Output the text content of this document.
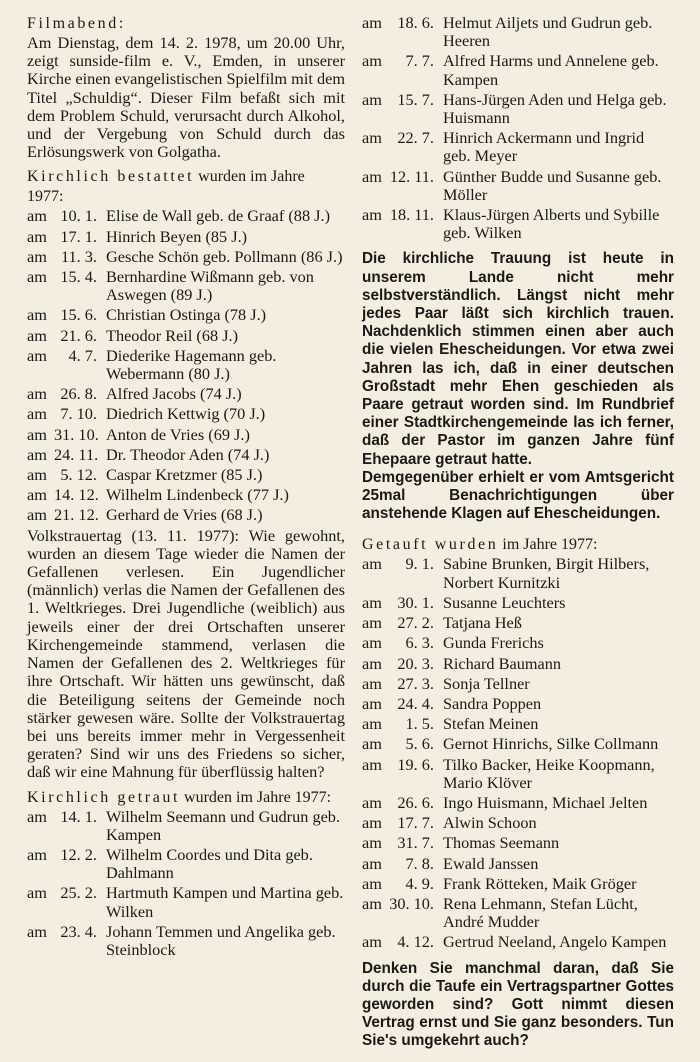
Filmabend:

Am Dienstag, dem 14. 2. 1978, um 20.00 Uhr, zeigt sunside-film e. V., Emden, in unserer Kirche einen evangelistischen Spielfilm mit dem Titel „Schuldig“. Dieser Film befaßt sich mit dem Problem Schuld, verursacht durch Alkohol, und der Vergebung von Schuld durch das Erlösungswerk von Golgatha.

Kirchlich bestattet wurden im Jahre 1977:

am 10. 1. Elise de Wall geb. de Graaf (88 J.)
am 17. 1. Hinrich Beyen (85 J.)
am 11. 3. Gesche Schön geb. Pollmann (86 J.)
am 15. 4. Bernhardine Wißmann geb. von Aswegen (89 J.)
am 15. 6. Christian Ostinga (78 J.)
am 21. 6. Theodor Reil (68 J.)
am	4. 7. Diederike Hagemann geb. Webermann (80 J.)
am 26. 8. Alfred Jacobs (74 J.)
am 7. 10. Diedrich Kettwig (70 J.)
am 31. 10. Anton de Vries (69 J.)
am 24. 11. Dr. Theodor Aden (74 J.)
am 5. 12. Caspar Kretzmer (85 J.)
am 14. 12. Wilhelm Lindenbeck (77 J.)
am 21. 12. Gerhard de Vries (68 J.)

Volkstrauertag (13. 11. 1977): Wie gewohnt, wurden an diesem Tage wieder die Namen der Gefallenen verlesen. Ein Jugendlicher (männlich) verlas die Namen der Gefallenen des 1. Weltkrieges. Drei Jugendliche (weiblich) aus jeweils einer der drei Ortschaften unserer Kirchengemeinde stammend, verlasen die Namen der Gefallenen des 2. Weltkrieges für ihre Ortschaft. Wir hätten uns gewünscht, daß die Beteiligung seitens der Gemeinde noch stärker gewesen wäre. Sollte der Volkstrauertag bei uns bereits immer mehr in Vergessenheit geraten? Sind wir uns des Friedens so sicher, daß wir eine Mahnung für überflüssig halten?

Kirchlich getraut wurden im Jahre 1977:

am 14. 1. Wilhelm Seemann und Gudrun geb. Kampen
am 12. 2. Wilhelm Coordes und Dita geb. Dahlmann
am 25. 2. Hartmuth Kampen und Martina geb. Wilken
am 23. 4. Johann Temmen und Angelika geb. Steinblock
am 18. 6. Helmut Ailjets und Gudrun geb. Heeren
am	7. 7. Alfred Harms und Annelene geb. Kampen
am 15. 7. Hans-Jürgen Aden und Helga geb. Huismann
am 22. 7. Hinrich Ackermann und Ingrid geb. Meyer
am 12. 11. Günther Budde und Susanne geb. Möller
am 18. 11. Klaus-Jürgen Alberts und Sybille geb. Wilken

Die kirchliche Trauung ist heute in unserem Lande nicht mehr selbstverständlich. Längst nicht mehr jedes Paar läßt sich kirchlich trauen. Nachdenklich stimmen einen aber auch die vielen Ehescheidungen. Vor etwa zwei Jahren las ich, daß in einer deutschen Großstadt mehr Ehen geschieden als Paare getraut worden sind. Im Rundbrief einer Stadtkirchengemeinde las ich ferner, daß der Pastor im ganzen Jahre fünf Ehepaare getraut hatte.

Demgegenüber erhielt er vom Amtsgericht 25mal Benachrichtigungen über anstehende Klagen auf Ehescheidungen.

Getauft wurden im Jahre 1977:

am	9. 1. Sabine Brunken, Birgit Hilbers, Norbert Kurnitzki
am 30. 1. Susanne Leuchters
am 27. 2. Tatjana Heß
am	6. 3. Gunda Frerichs
am 20. 3. Richard Baumann
am 27. 3. Sonja Tellner
am 24. 4. Sandra Poppen
am	1. 5. Stefan Meinen
am	5. 6. Gernot Hinrichs, Silke Collmann
am 19. 6. Tilko Backer, Heike Koopmann, Mario Klöver
am 26. 6. Ingo Huismann, Michael Jelten
am 17. 7. Alwin Schoon
am 31. 7. Thomas Seemann
am	7. 8. Ewald Janssen
am	4. 9. Frank Rötteken, Maik Gröger
am 30. 10. Rena Lehmann, Stefan Lücht, André Mudder
am 4. 12. Gertrud Neeland, Angelo Kampen

Denken Sie manchmal daran, daß Sie durch die Taufe ein Vertragspartner Gottes geworden sind? Gott nimmt diesen Vertrag ernst und Sie ganz besonders. Tun Sie's umgekehrt auch?
